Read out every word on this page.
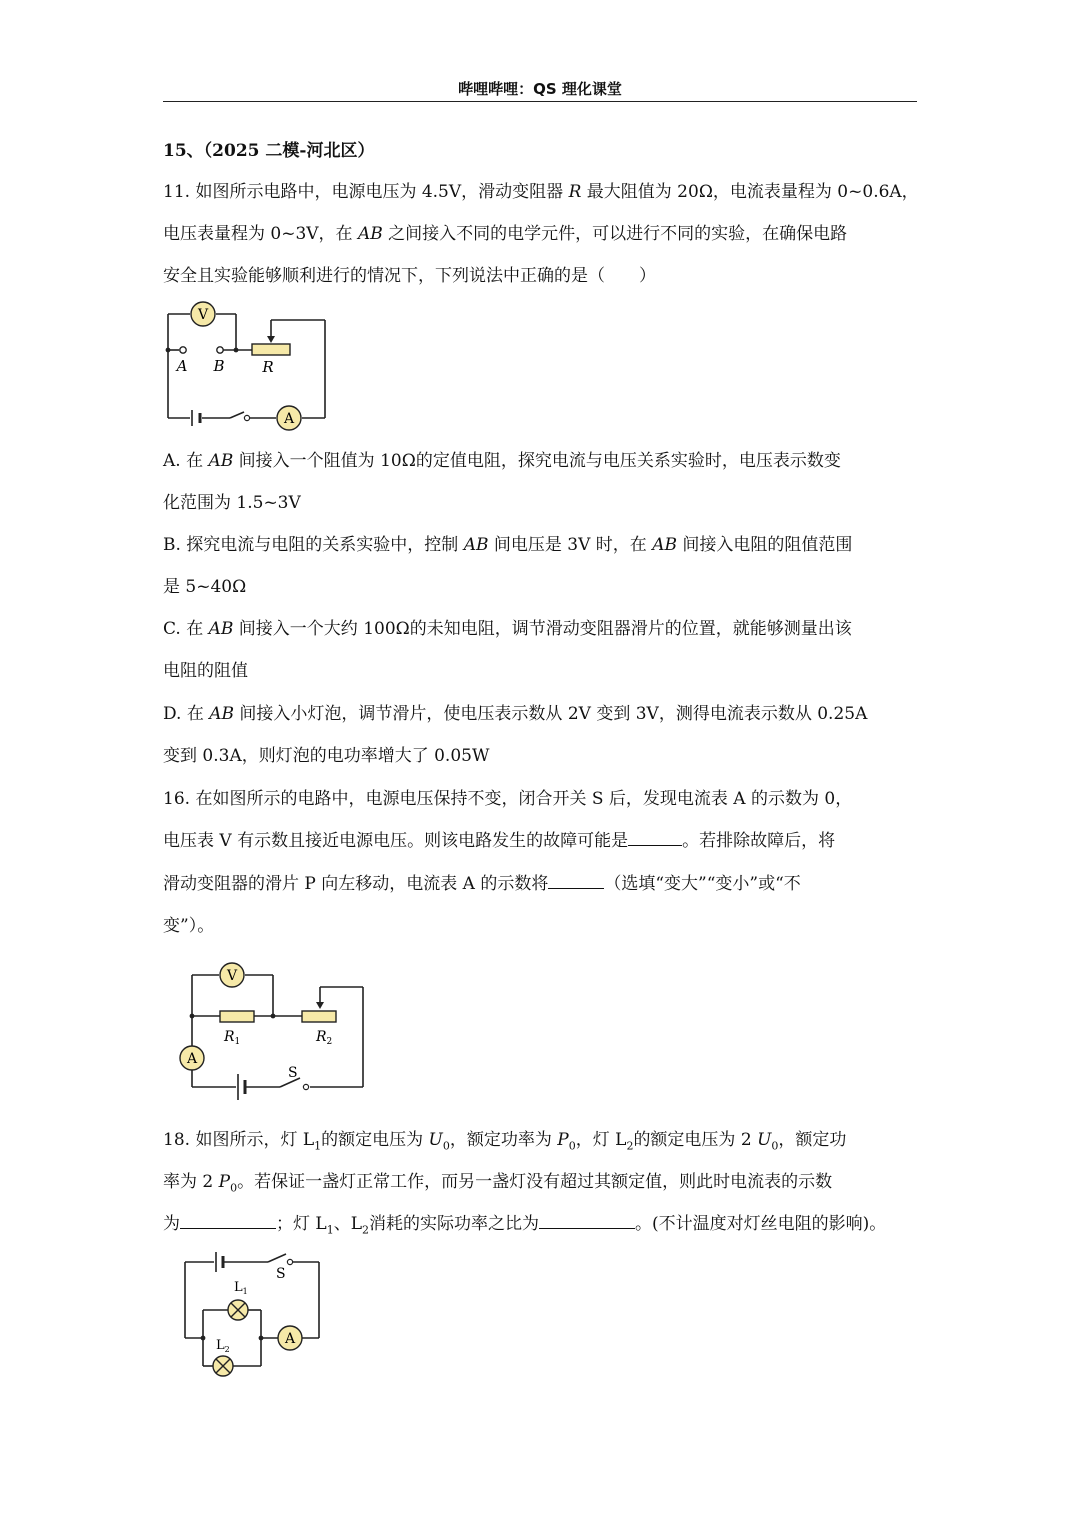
哔哩哔哩：QS 理化课堂
15、（2025 二模-河北区）
11. 如图所示电路中，电源电压为 4.5V，滑动变阻器 R 最大阻值为 20Ω，电流表量程为 0~0.6A，
电压表量程为 0~3V，在 AB 之间接入不同的电学元件，可以进行不同的实验，在确保电路
安全且实验能够顺利进行的情况下，下列说法中正确的是（　　）
V
A
A B	R
A. 在 AB 间接入一个阻值为 10Ω的定值电阻，探究电流与电压关系实验时，电压表示数变
化范围为 1.5~3V
B. 探究电流与电阻的关系实验中，控制 AB 间电压是 3V 时，在 AB 间接入电阻的阻值范围
是 5~40Ω
C. 在 AB 间接入一个大约 100Ω的未知电阻，调节滑动变阻器滑片的位置，就能够测量出该
电阻的阻值
D. 在 AB 间接入小灯泡，调节滑片，使电压表示数从 2V 变到 3V，测得电流表示数从 0.25A
变到 0.3A，则灯泡的电功率增大了 0.05W
16. 在如图所示的电路中，电源电压保持不变，闭合开关 S 后，发现电流表 A 的示数为 0，
电压表 V 有示数且接近电源电压。则该电路发生的故障可能是	。若排除故障后，将
滑动变阻器的滑片 P 向左移动，电流表 A 的示数将	（选填“变大”“变小”或“不
变”）。
V
A
$R_1$	$R_2$
S
18. 如图所示，灯 $L_1$的额定电压为 $U_0$，额定功率为 $P_0$，灯 $L_2$的额定电压为 2 $U_0$，额定功
率为 2 $P_0$。若保证一盏灯正常工作，而另一盏灯没有超过其额定值，则此时电流表的示数
为	；灯 $L_1$、$L_2$消耗的实际功率之比为	。(不计温度对灯丝电阻的影响)。
S
$L_1$
$L_2$
A
